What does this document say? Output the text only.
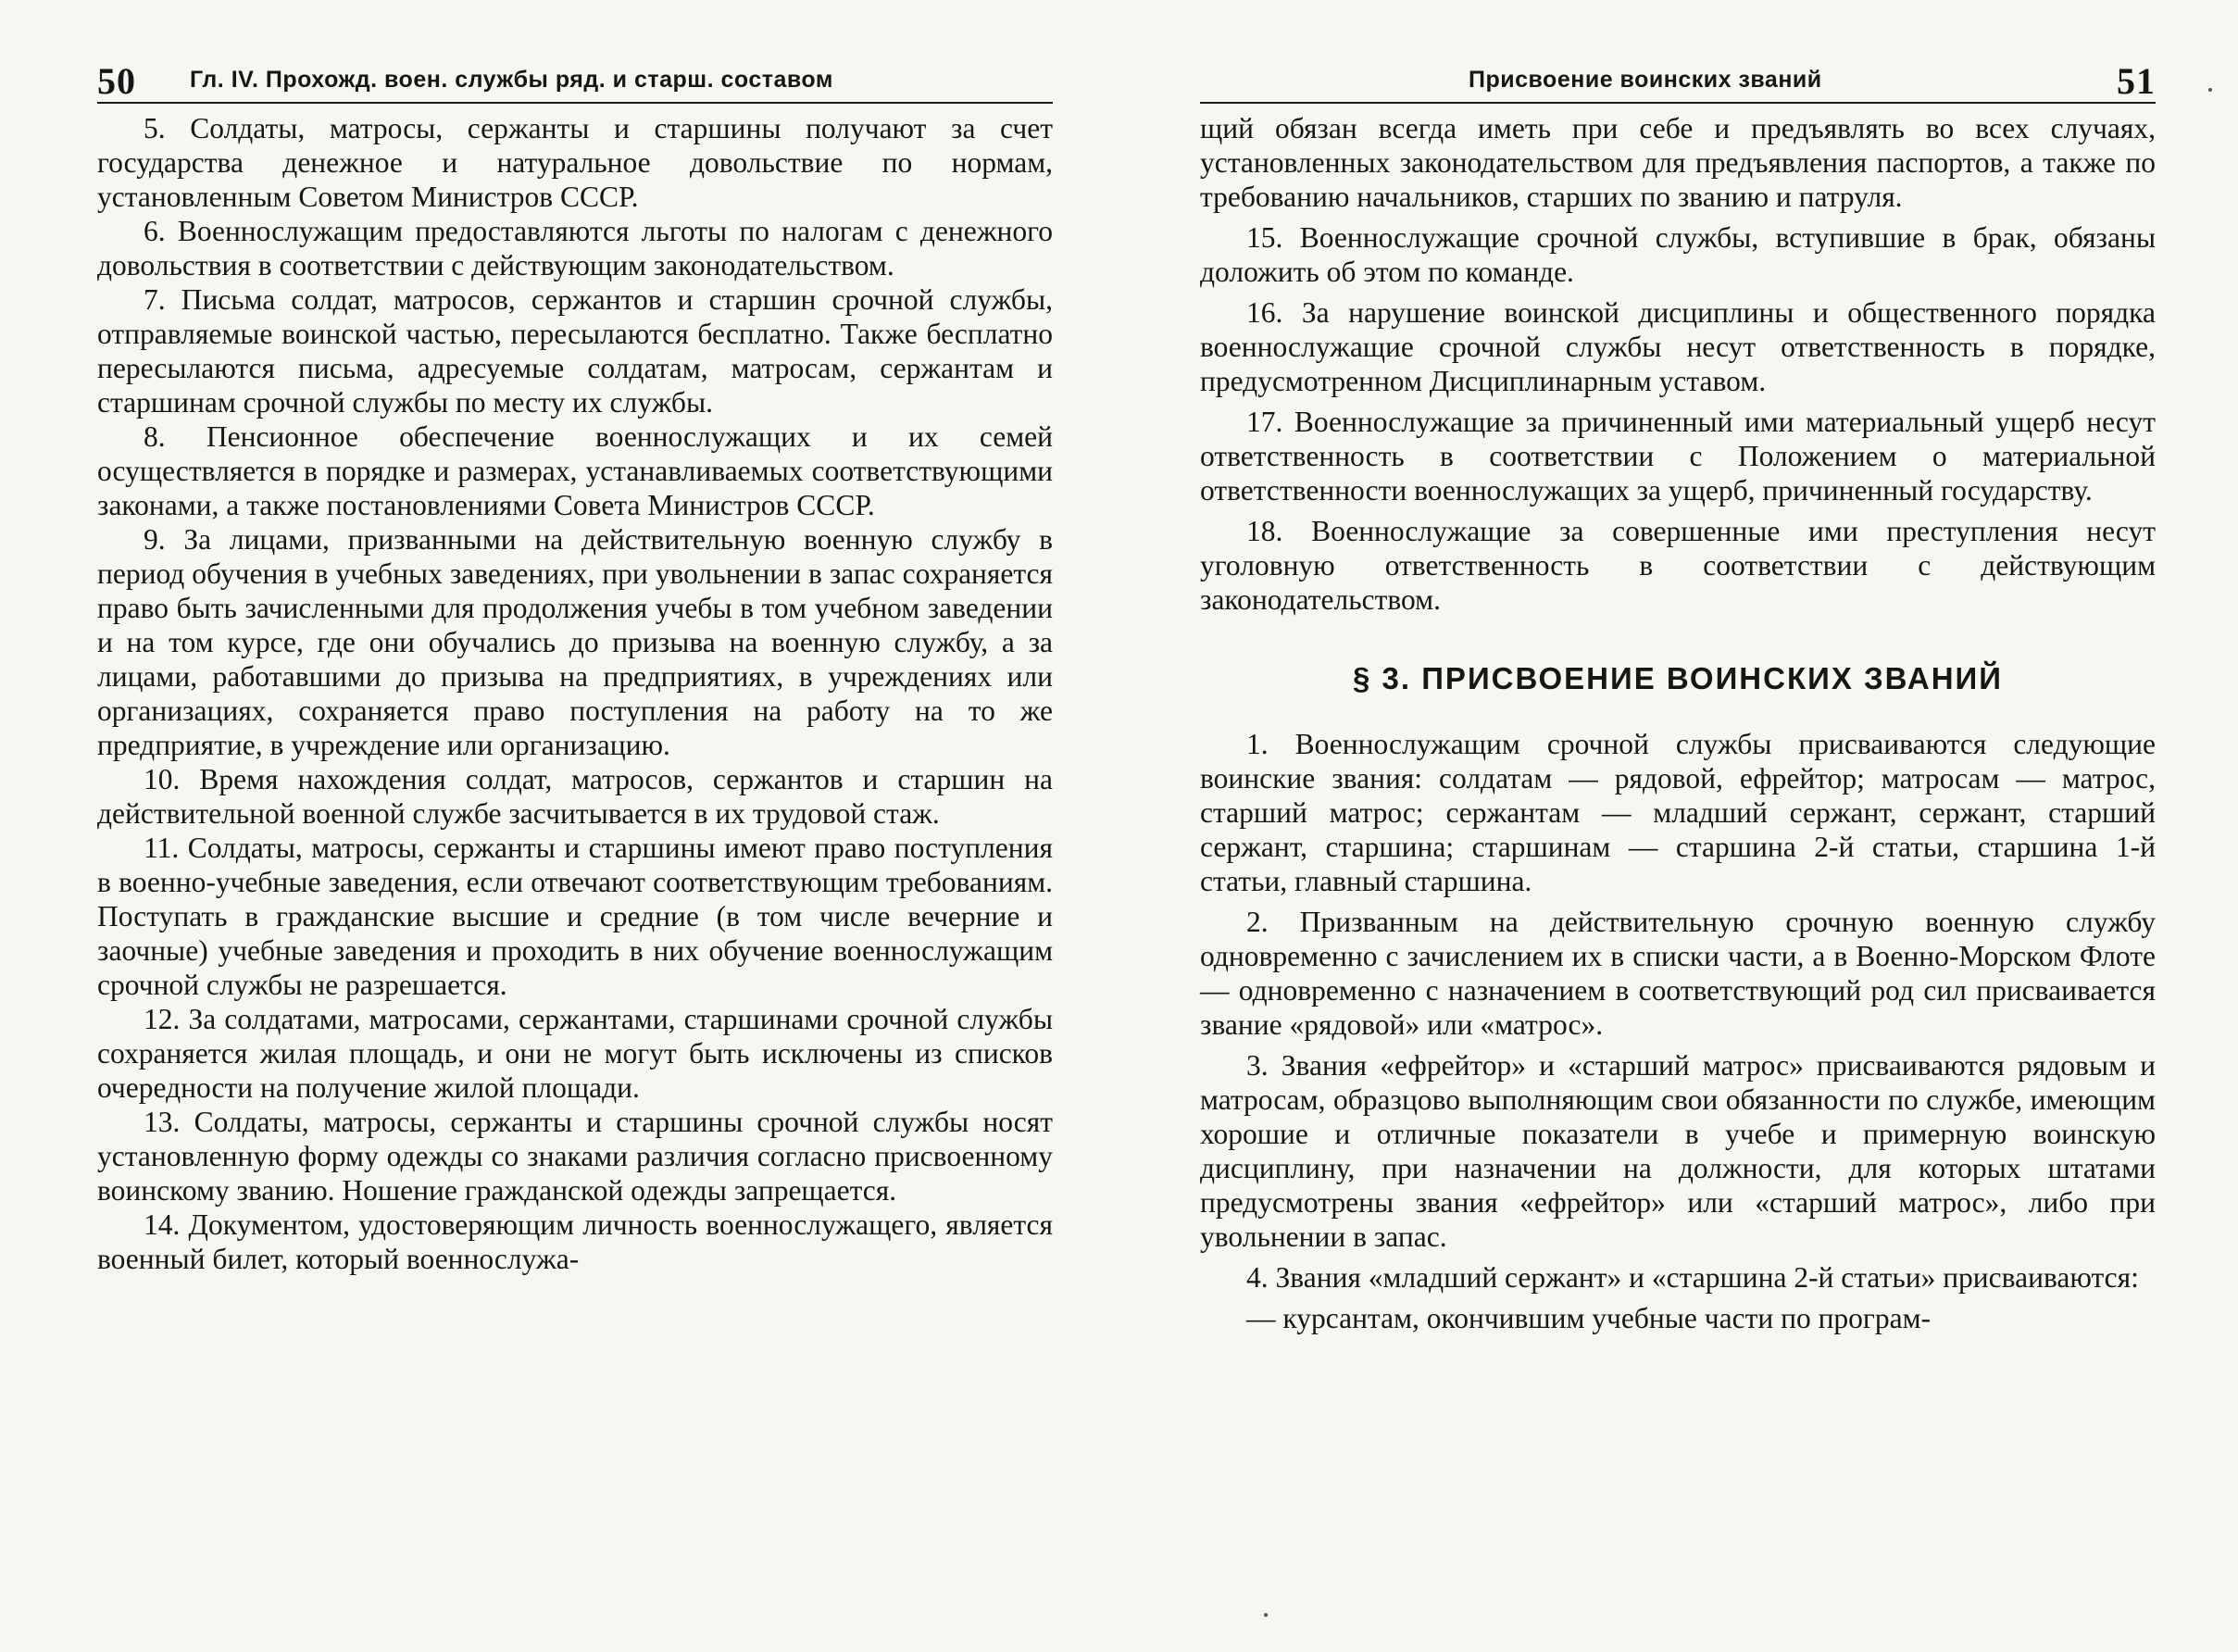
50 Гл. IV. Прохожд. воен. службы ряд. и старш. составом

5. Солдаты, матросы, сержанты и старшины получают за счет государства денежное и натуральное довольствие по нормам, установленным Советом Министров СССР.

6. Военнослужащим предоставляются льготы по налогам с денежного довольствия в соответствии с действующим законодательством.

7. Письма солдат, матросов, сержантов и старшин срочной службы, отправляемые воинской частью, пересылаются бесплатно. Также бесплатно пересылаются письма, адресуемые солдатам, матросам, сержантам и старшинам срочной службы по месту их службы.

8. Пенсионное обеспечение военнослужащих и их семей осуществляется в порядке и размерах, устанавливаемых соответствующими законами, а также постановлениями Совета Министров СССР.

9. За лицами, призванными на действительную военную службу в период обучения в учебных заведениях, при увольнении в запас сохраняется право быть зачисленными для продолжения учебы в том учебном заведении и на том курсе, где они обучались до призыва на военную службу, а за лицами, работавшими до призыва на предприятиях, в учреждениях или организациях, сохраняется право поступления на работу на то же предприятие, в учреждение или организацию.

10. Время нахождения солдат, матросов, сержантов и старшин на действительной военной службе засчитывается в их трудовой стаж.

11. Солдаты, матросы, сержанты и старшины имеют право поступления в военно-учебные заведения, если отвечают соответствующим требованиям. Поступать в гражданские высшие и средние (в том числе вечерние и заочные) учебные заведения и проходить в них обучение военнослужащим срочной службы не разрешается.

12. За солдатами, матросами, сержантами, старшинами срочной службы сохраняется жилая площадь, и они не могут быть исключены из списков очередности на получение жилой площади.

13. Солдаты, матросы, сержанты и старшины срочной службы носят установленную форму одежды со знаками различия согласно присвоенному воинскому званию. Ношение гражданской одежды запрещается.

14. Документом, удостоверяющим личность военнослужащего, является военный билет, который военнослужа-

Присвоение воинских званий	51

щий обязан всегда иметь при себе и предъявлять во всех случаях, установленных законодательством для предъявления паспортов, а также по требованию начальников, старших по званию и патруля.

15. Военнослужащие срочной службы, вступившие в брак, обязаны доложить об этом по команде.

16. За нарушение воинской дисциплины и общественного порядка военнослужащие срочной службы несут ответственность в порядке, предусмотренном Дисциплинарным уставом.

17. Военнослужащие за причиненный ими материальный ущерб несут ответственность в соответствии с Положением о материальной ответственности военнослужащих за ущерб, причиненный государству.

18. Военнослужащие за совершенные ими преступления несут уголовную ответственность в соответствии с действующим законодательством.

§ 3. ПРИСВОЕНИЕ ВОИНСКИХ ЗВАНИЙ

1. Военнослужащим срочной службы присваиваются следующие воинские звания: солдатам — рядовой, ефрейтор; матросам — матрос, старший матрос; сержантам — младший сержант, сержант, старший сержант, старшина; старшинам — старшина 2-й статьи, старшина 1-й статьи, главный старшина.

2. Призванным на действительную срочную военную службу одновременно с зачислением их в списки части, а в Военно-Морском Флоте — одновременно с назначением в соответствующий род сил присваивается звание «рядовой» или «матрос».

3. Звания «ефрейтор» и «старший матрос» присваиваются рядовым и матросам, образцово выполняющим свои обязанности по службе, имеющим хорошие и отличные показатели в учебе и примерную воинскую дисциплину, при назначении на должности, для которых штатами предусмотрены звания «ефрейтор» или «старший матрос», либо при увольнении в запас.

4. Звания «младший сержант» и «старшина 2-й статьи» присваиваются:

— курсантам, окончившим учебные части по програм-
